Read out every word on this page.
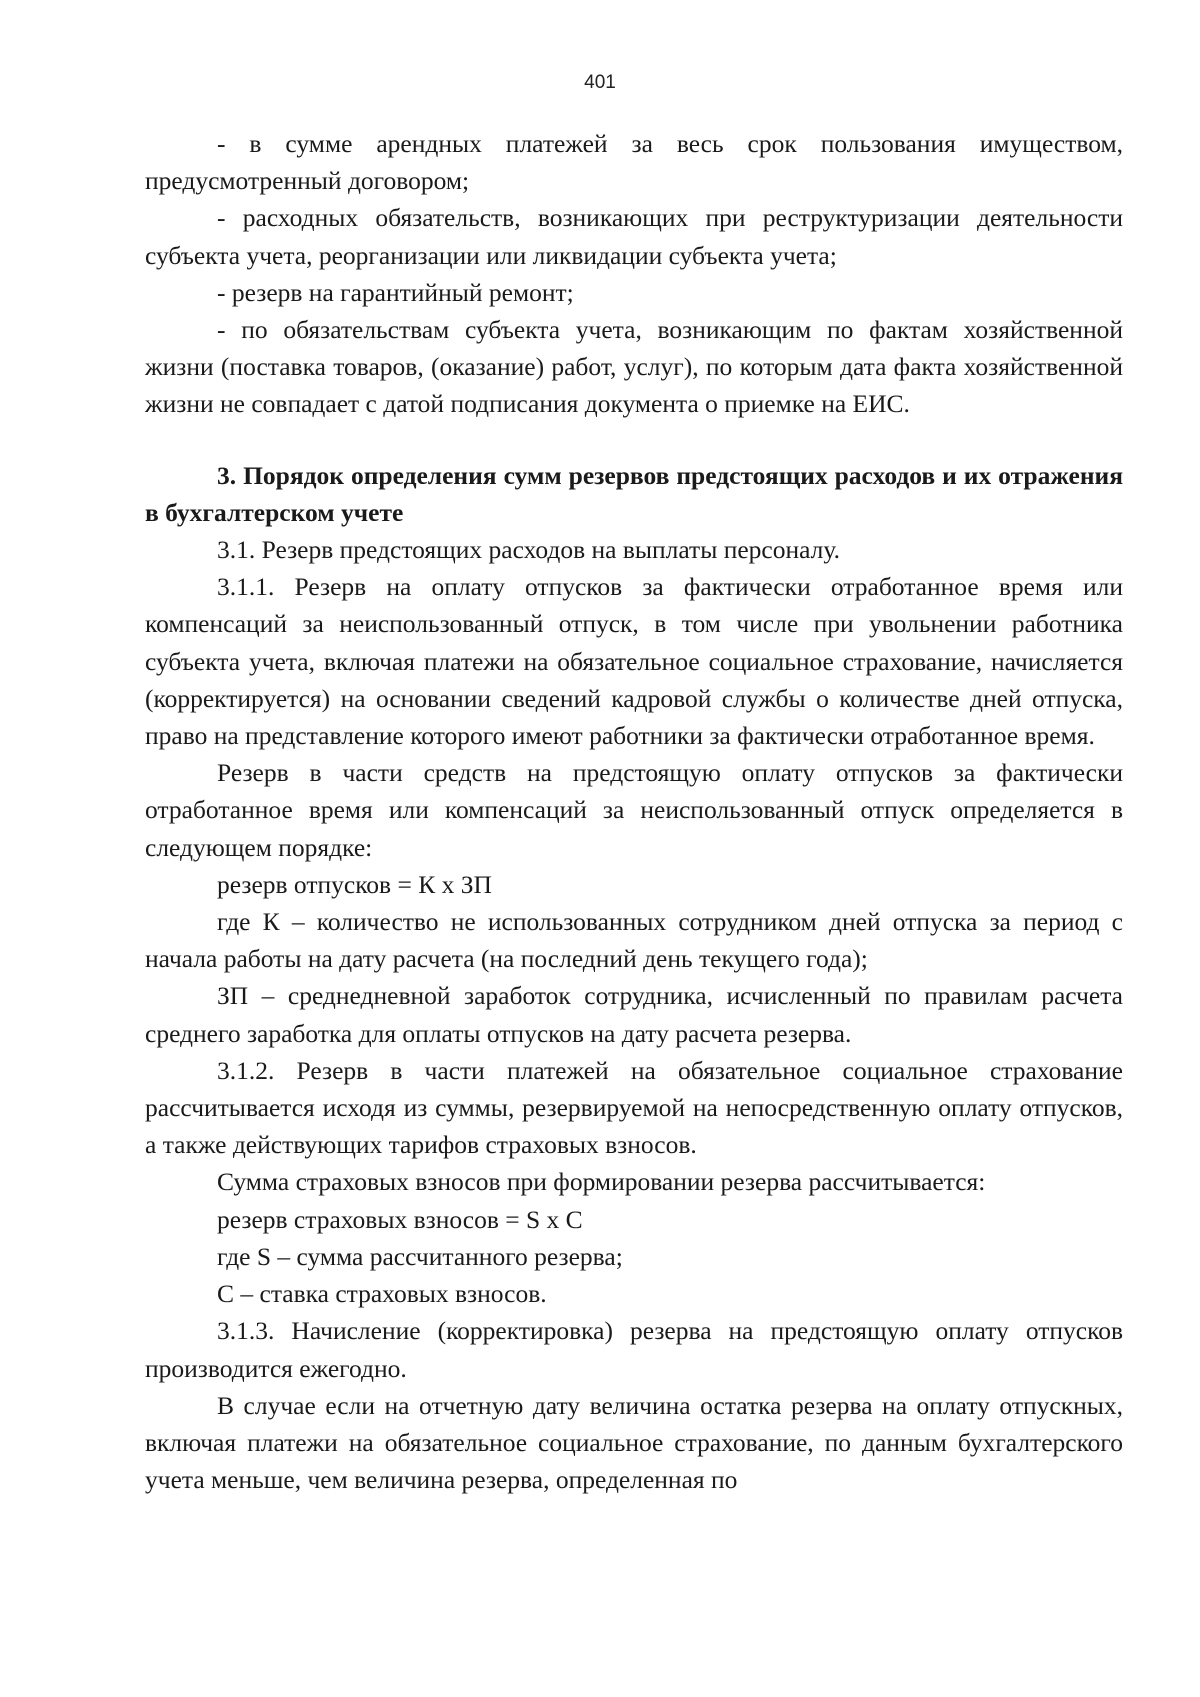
401

- в сумме арендных платежей за весь срок пользования имуществом, предусмотренный договором;

- расходных обязательств, возникающих при реструктуризации деятельности субъекта учета, реорганизации или ликвидации субъекта учета;

- резерв на гарантийный ремонт;

- по обязательствам субъекта учета, возникающим по фактам хозяйственной жизни (поставка товаров, (оказание) работ, услуг), по которым дата факта хозяйственной жизни не совпадает с датой подписания документа о приемке на ЕИС.

3. Порядок определения сумм резервов предстоящих расходов и их отражения в бухгалтерском учете

3.1. Резерв предстоящих расходов на выплаты персоналу.

3.1.1. Резерв на оплату отпусков за фактически отработанное время или компенсаций за неиспользованный отпуск, в том числе при увольнении работника субъекта учета, включая платежи на обязательное социальное страхование, начисляется (корректируется) на основании сведений кадровой службы о количестве дней отпуска, право на представление которого имеют работники за фактически отработанное время.

Резерв в части средств на предстоящую оплату отпусков за фактически отработанное время или компенсаций за неиспользованный отпуск определяется в следующем порядке:

резерв отпусков = К х ЗП

где К – количество не использованных сотрудником дней отпуска за период с начала работы на дату расчета (на последний день текущего года);

ЗП – среднедневной заработок сотрудника, исчисленный по правилам расчета среднего заработка для оплаты отпусков на дату расчета резерва.

3.1.2. Резерв в части платежей на обязательное социальное страхование рассчитывается исходя из суммы, резервируемой на непосредственную оплату отпусков, а также действующих тарифов страховых взносов.

Сумма страховых взносов при формировании резерва рассчитывается:

резерв страховых взносов = S х С

где S – сумма рассчитанного резерва;

С – ставка страховых взносов.

3.1.3. Начисление (корректировка) резерва на предстоящую оплату отпусков производится ежегодно.

В случае если на отчетную дату величина остатка резерва на оплату отпускных, включая платежи на обязательное социальное страхование, по данным бухгалтерского учета меньше, чем величина резерва, определенная по
